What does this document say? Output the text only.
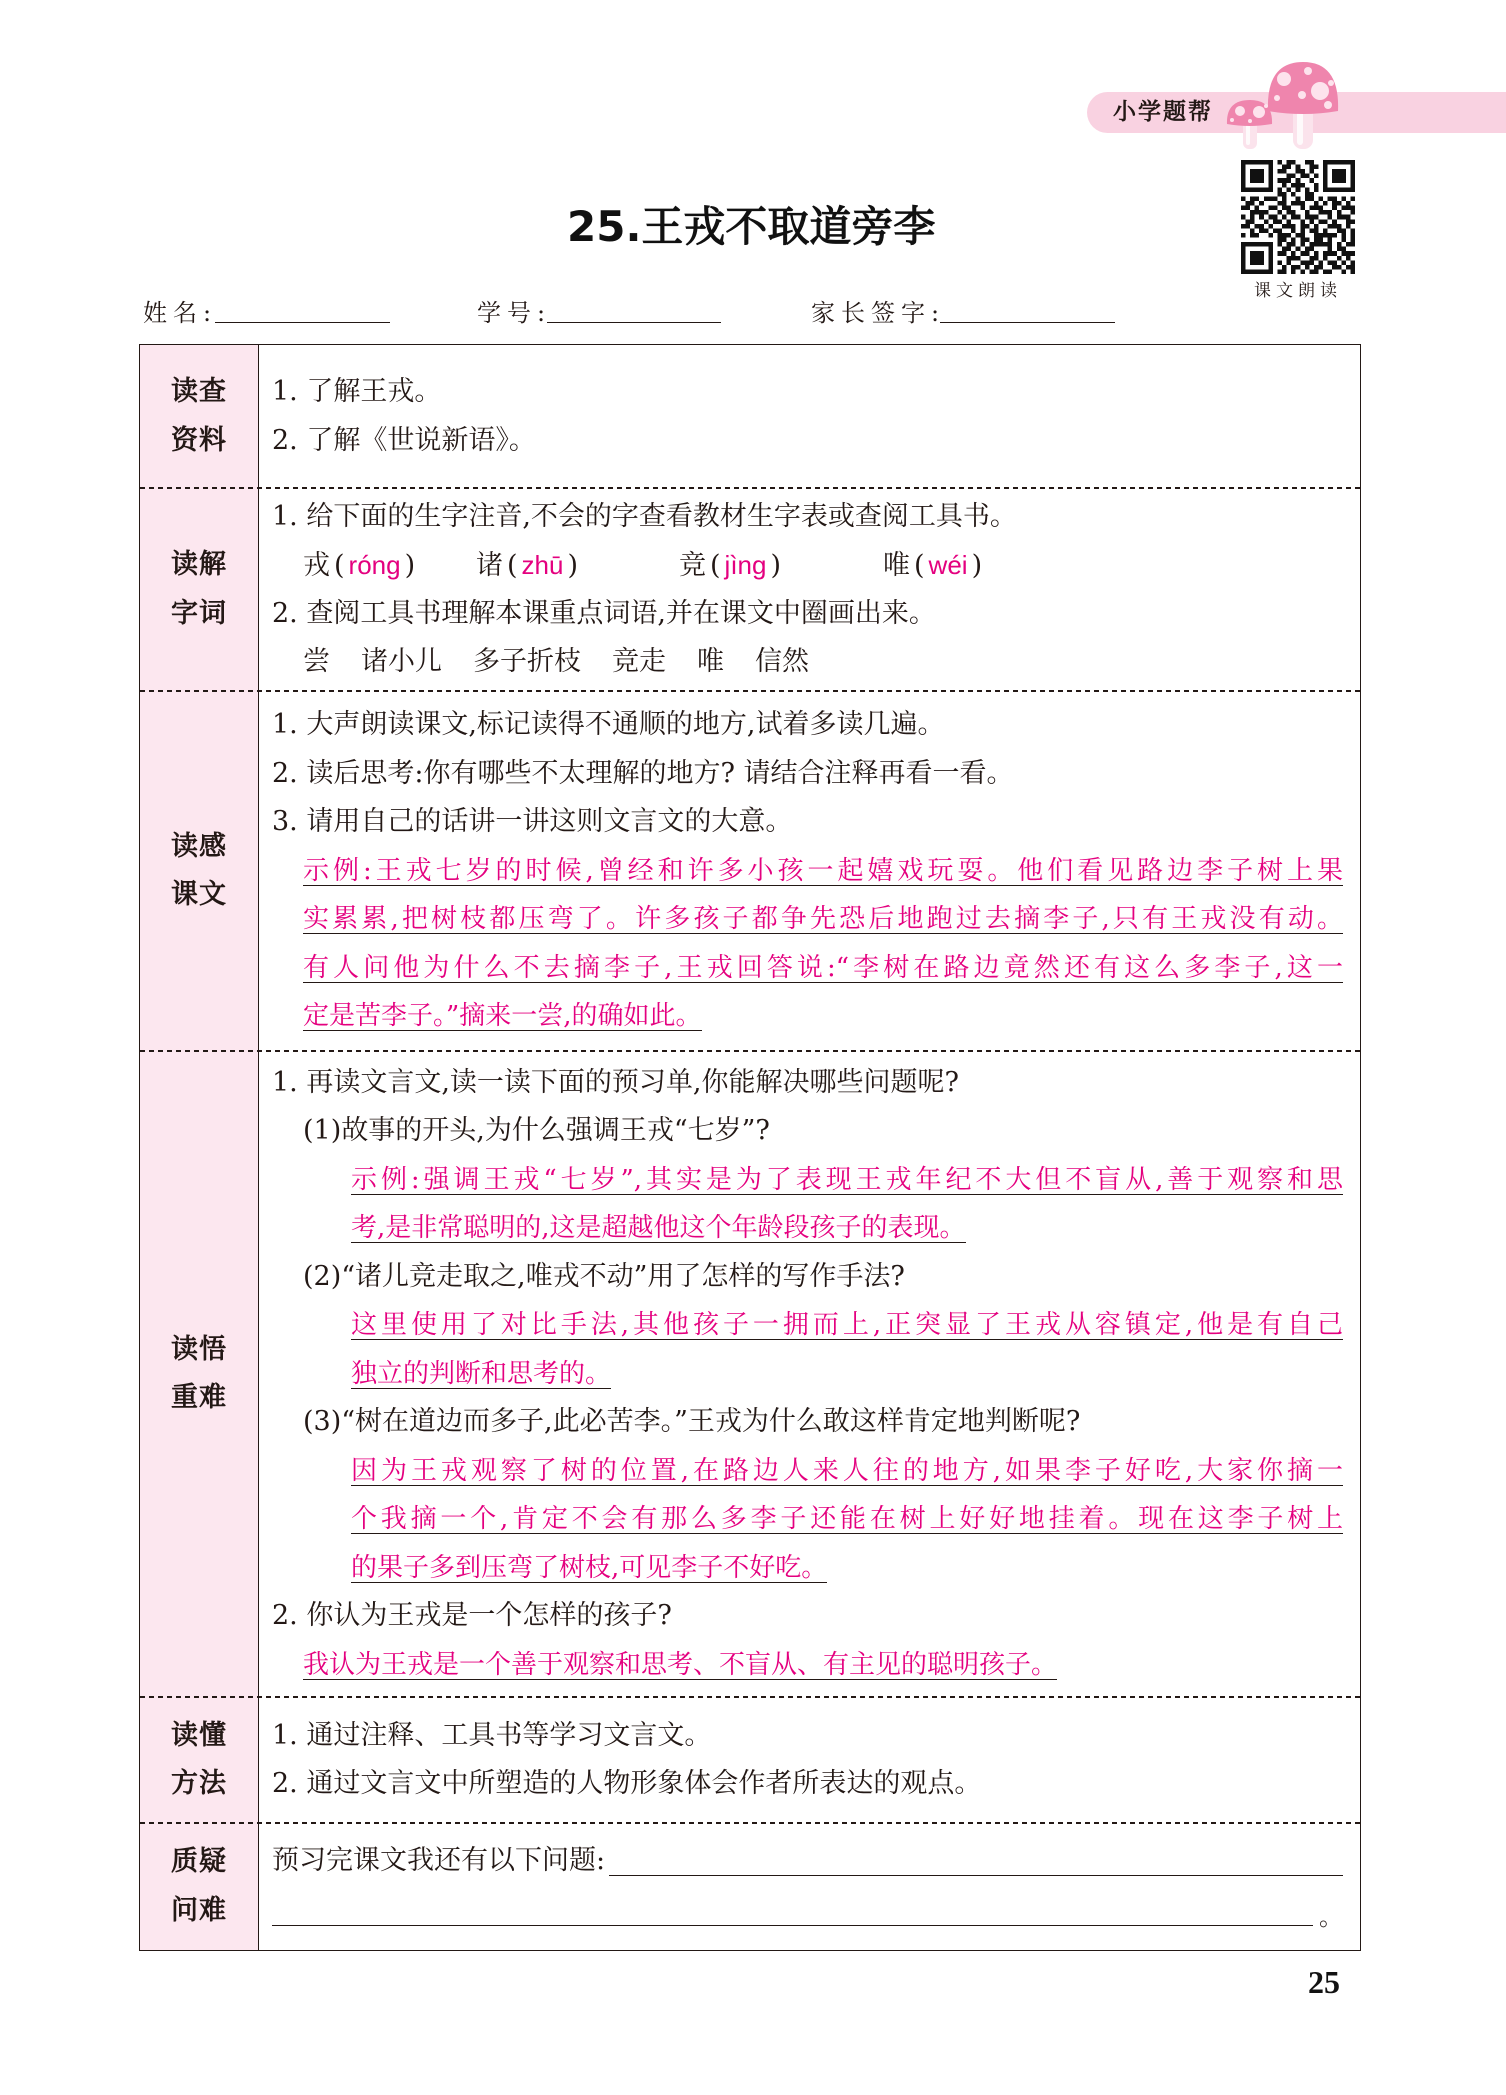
小学题帮
课文朗读
25.王戎不取道旁李
姓名:	学号:	家长签字:
读查
资料
1. 了解王戎。
2. 了解《世说新语》。
读解
字词
1. 给下面的生字注音,不会的字查看教材生字表或查阅工具书。
戎 ( róng ) 诸 ( zhū )	竞 ( jìng )	唯 ( wéi )
2. 查阅工具书理解本课重点词语,并在课文中圈画出来。
尝 诸小儿 多子折枝 竞走 唯 信然
读感
课文
1. 大声朗读课文,标记读得不通顺的地方,试着多读几遍。
2. 读后思考:你有哪些不太理解的地方? 请结合注释再看一看。
3. 请用自己的话讲一讲这则文言文的大意。
示例:王戎七岁的时候,曾经和许多小孩一起嬉戏玩耍。他们看见路边李子树上果
实累累,把树枝都压弯了。许多孩子都争先恐后地跑过去摘李子,只有王戎没有动。
有人问他为什么不去摘李子,王戎回答说:“李树在路边竟然还有这么多李子,这一
定是苦李子。”摘来一尝,的确如此。
读悟
重难
1. 再读文言文,读一读下面的预习单,你能解决哪些问题呢?
(1)故事的开头,为什么强调王戎“七岁”?
示例:强调王戎“七岁”,其实是为了表现王戎年纪不大但不盲从,善于观察和思
考,是非常聪明的,这是超越他这个年龄段孩子的表现。
(2)“诸儿竞走取之,唯戎不动”用了怎样的写作手法?
这里使用了对比手法,其他孩子一拥而上,正突显了王戎从容镇定,他是有自己
独立的判断和思考的。
(3)“树在道边而多子,此必苦李。”王戎为什么敢这样肯定地判断呢?
因为王戎观察了树的位置,在路边人来人往的地方,如果李子好吃,大家你摘一
个我摘一个,肯定不会有那么多李子还能在树上好好地挂着。现在这李子树上
的果子多到压弯了树枝,可见李子不好吃。
2. 你认为王戎是一个怎样的孩子?
我认为王戎是一个善于观察和思考、不盲从、有主见的聪明孩子。
读懂
方法
1. 通过注释、工具书等学习文言文。
2. 通过文言文中所塑造的人物形象体会作者所表达的观点。
质疑
问难
预习完课文我还有以下问题:
。
25
